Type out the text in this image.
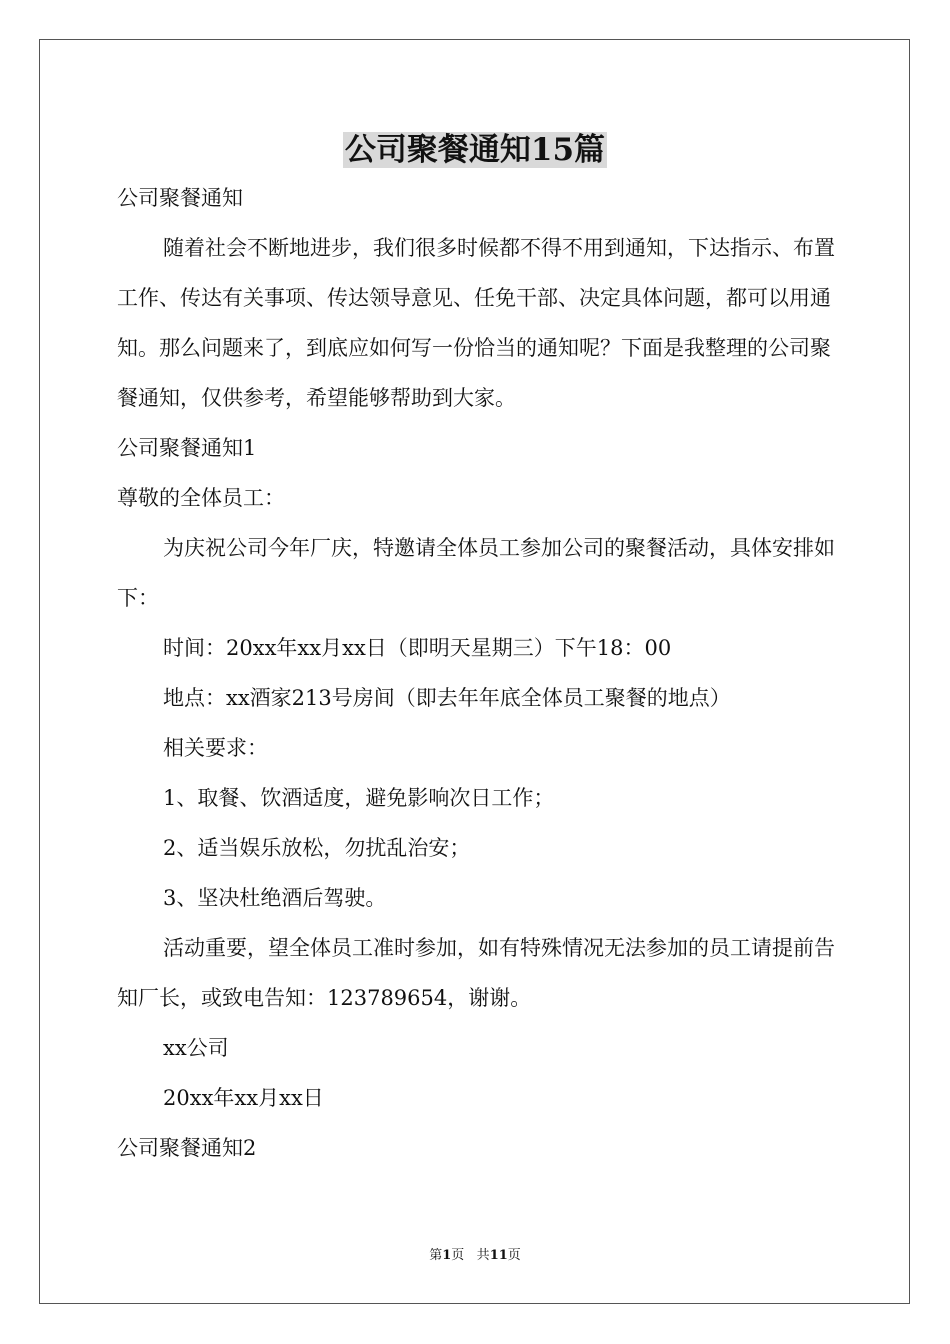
公司聚餐通知15篇

公司聚餐通知

随着社会不断地进步，我们很多时候都不得不用到通知，下达指示、布置工作、传达有关事项、传达领导意见、任免干部、决定具体问题，都可以用通知。那么问题来了，到底应如何写一份恰当的通知呢？下面是我整理的公司聚餐通知，仅供参考，希望能够帮助到大家。

公司聚餐通知1

尊敬的全体员工：

为庆祝公司今年厂庆，特邀请全体员工参加公司的聚餐活动，具体安排如下：

时间：20xx年xx月xx日（即明天星期三）下午18：00

地点：xx酒家213号房间（即去年年底全体员工聚餐的地点）

相关要求：

1、取餐、饮酒适度，避免影响次日工作；

2、适当娱乐放松，勿扰乱治安；

3、坚决杜绝酒后驾驶。

活动重要，望全体员工准时参加，如有特殊情况无法参加的员工请提前告知厂长，或致电告知：123789654，谢谢。

xx公司

20xx年xx月xx日

公司聚餐通知2

第1页 共11页
